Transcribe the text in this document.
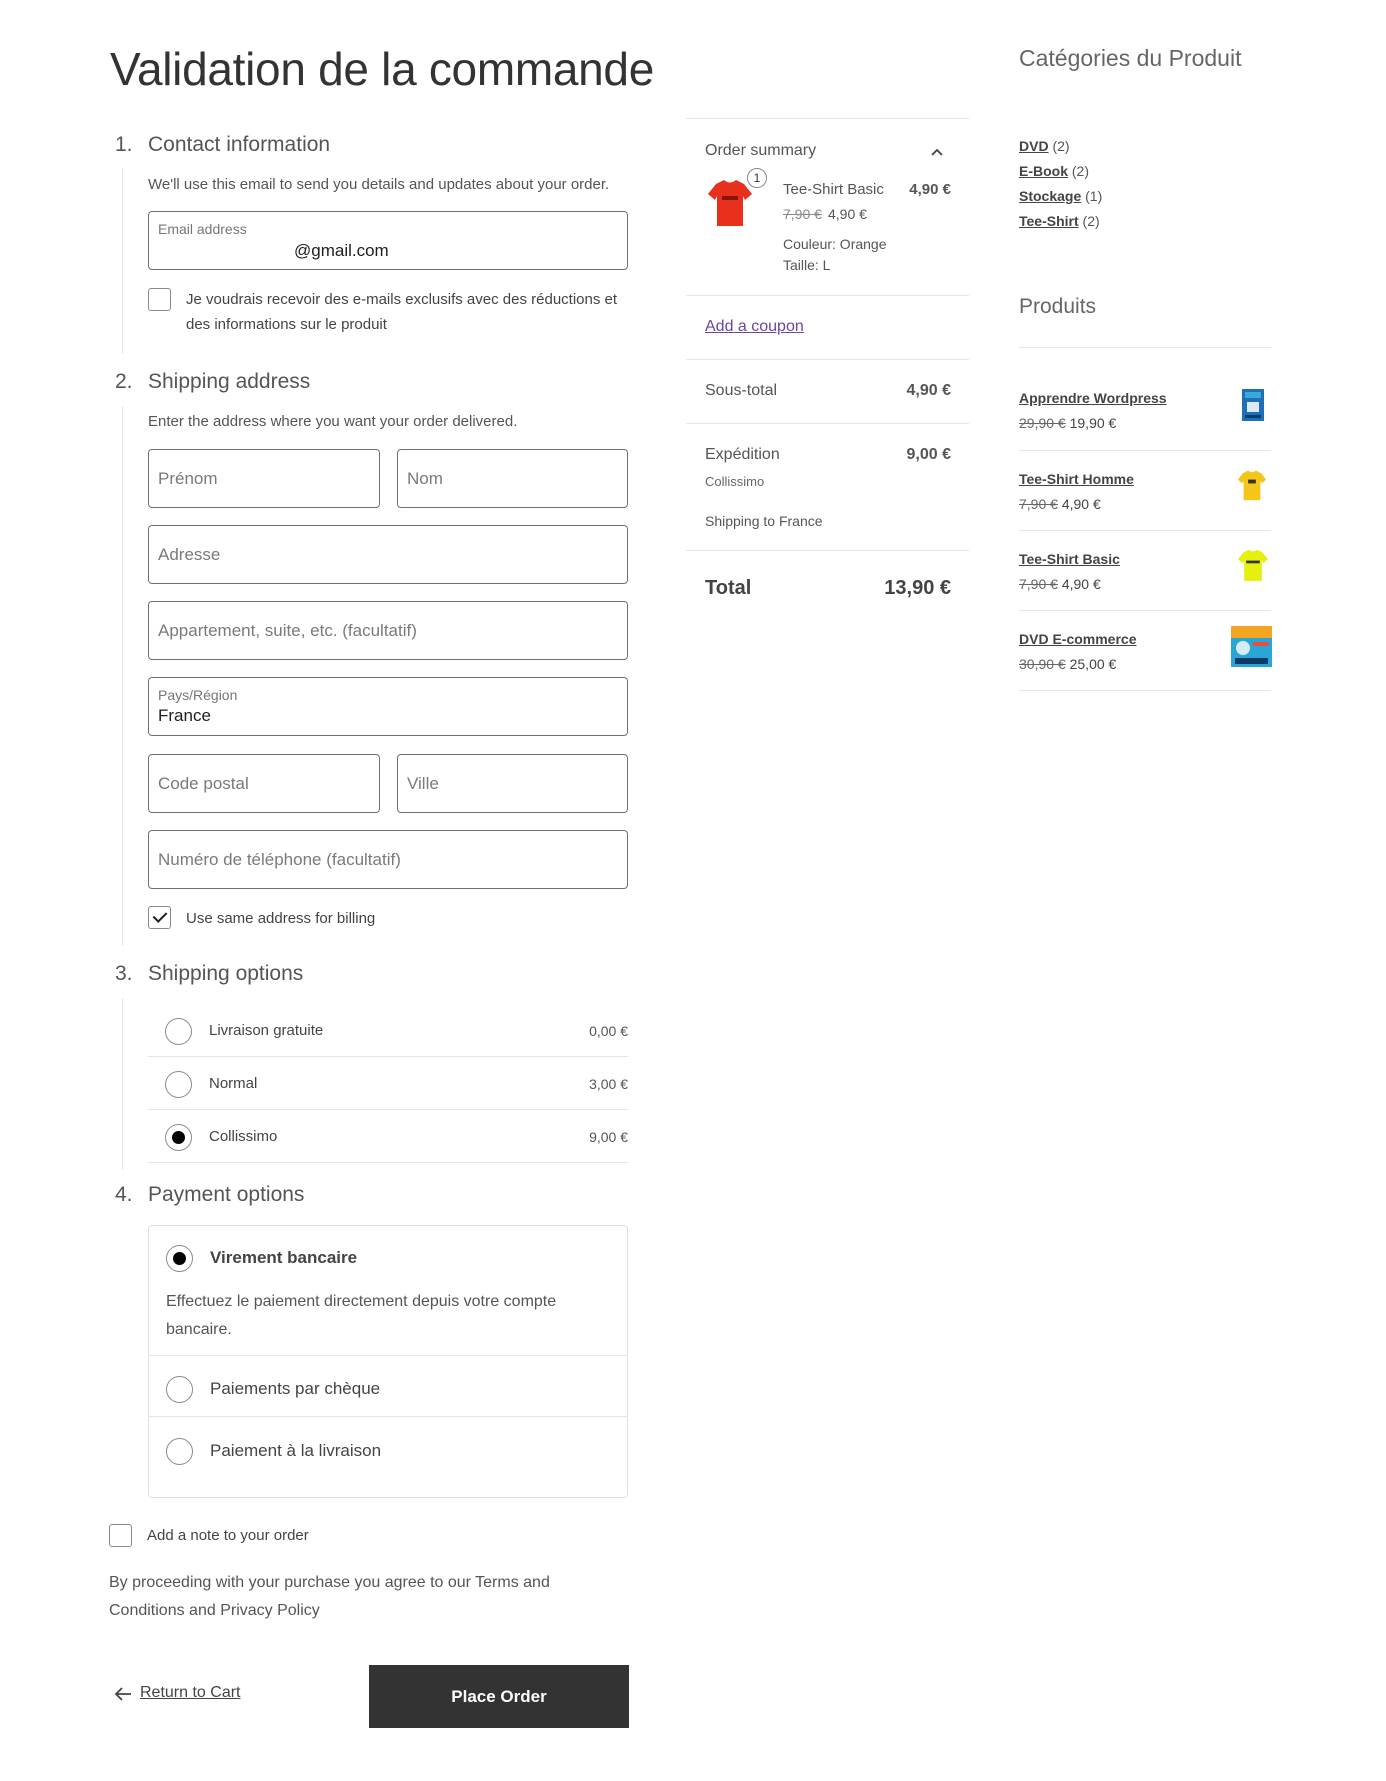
Validation de la commande
1. Contact information
We'll use this email to send you details and updates about your order.
Email address
@gmail.com
Je voudrais recevoir des e-mails exclusifs avec des réductions et des informations sur le produit
2. Shipping address
Enter the address where you want your order delivered.
Prénom	Nom
Adresse
Appartement, suite, etc. (facultatif)
Pays/Région
France
Code postal	Ville
Numéro de téléphone (facultatif)
Use same address for billing
3. Shipping options
Livraison gratuite	0,00 €
Normal	3,00 €
Collissimo	9,00 €
4. Payment options
Virement bancaire
Effectuez le paiement directement depuis votre compte bancaire.
Paiements par chèque
Paiement à la livraison
Add a note to your order
By proceeding with your purchase you agree to our Terms and Conditions and Privacy Policy
Return to Cart	Place Order
Order summary
1
Tee-Shirt Basic 4,90 €
7,90 € 4,90 €
Couleur: Orange
Taille: L
Add a coupon
Sous-total	4,90 €
Expédition	9,00 €
Collissimo
Shipping to France
Total	13,90 €
Catégories du Produit
DVD (2)
E-Book (2)
Stockage (1)
Tee-Shirt (2)
Produits
Apprendre Wordpress
29,90 € 19,90 €
Tee-Shirt Homme
7,90 € 4,90 €
Tee-Shirt Basic
7,90 € 4,90 €
DVD E-commerce
30,90 € 25,00 €
